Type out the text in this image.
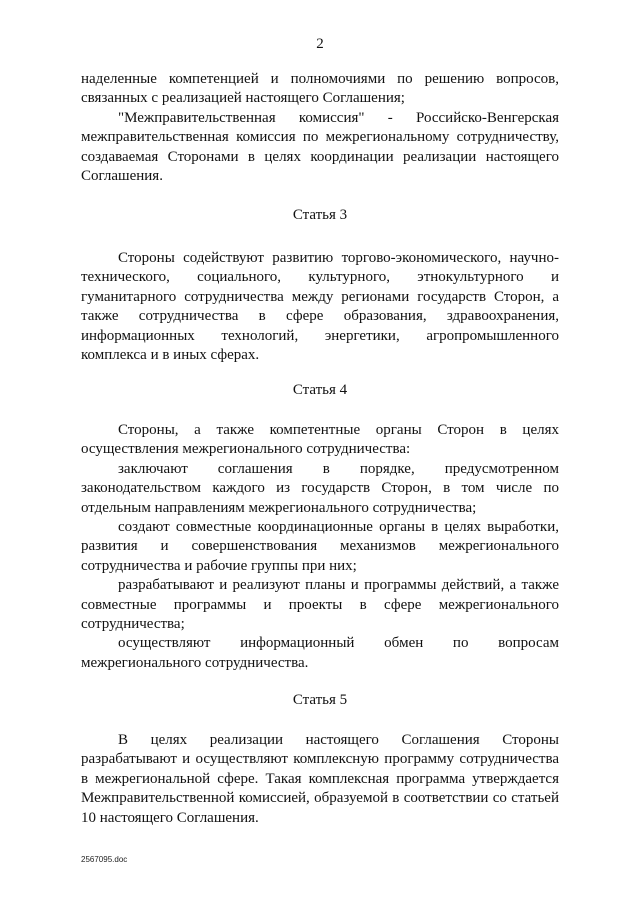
2

наделенные компетенцией и полномочиями по решению вопросов, связанных с реализацией настоящего Соглашения;

"Межправительственная комиссия" - Российско-Венгерская межправительственная комиссия по межрегиональному сотрудничеству, создаваемая Сторонами в целях координации реализации настоящего Соглашения.

Статья 3

Стороны содействуют развитию торгово-экономического, научно-технического, социального, культурного, этнокультурного и гуманитарного сотрудничества между регионами государств Сторон, а также сотрудничества в сфере образования, здравоохранения, информационных технологий, энергетики, агропромышленного комплекса и в иных сферах.

Статья 4

Стороны, а также компетентные органы Сторон в целях осуществления межрегионального сотрудничества:

заключают соглашения в порядке, предусмотренном законодательством каждого из государств Сторон, в том числе по отдельным направлениям межрегионального сотрудничества;

создают совместные координационные органы в целях выработки, развития и совершенствования механизмов межрегионального сотрудничества и рабочие группы при них;

разрабатывают и реализуют планы и программы действий, а также совместные программы и проекты в сфере межрегионального сотрудничества;

осуществляют информационный обмен по вопросам межрегионального сотрудничества.

Статья 5

В целях реализации настоящего Соглашения Стороны разрабатывают и осуществляют комплексную программу сотрудничества в межрегиональной сфере. Такая комплексная программа утверждается Межправительственной комиссией, образуемой в соответствии со статьей 10 настоящего Соглашения.

2567095.doc
